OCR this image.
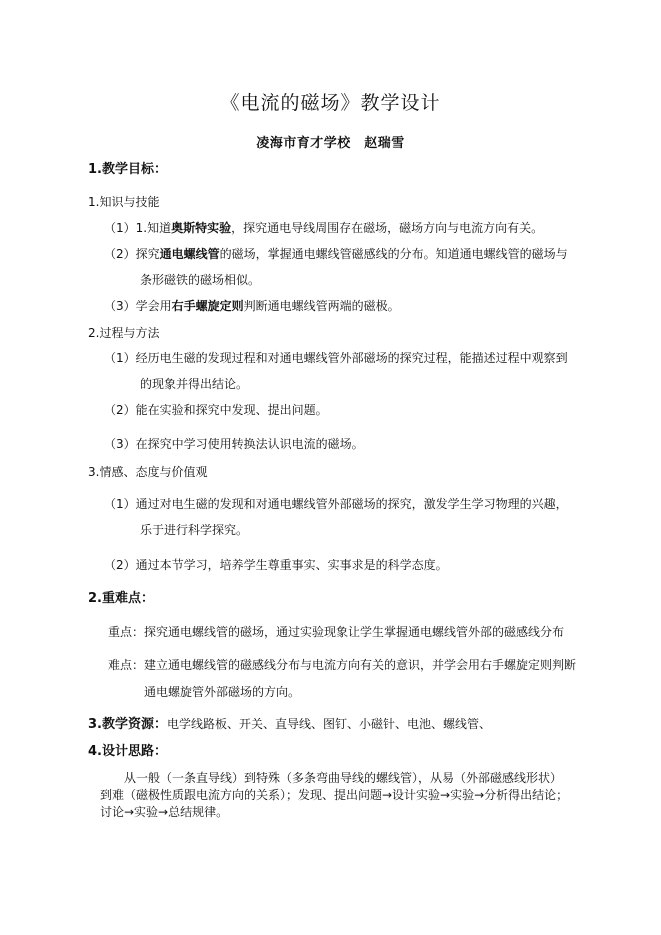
《电流的磁场》教学设计
凌海市育才学校　赵瑞雪
1.教学目标：
1.知识与技能
（1）1.知道奥斯特实验，探究通电导线周围存在磁场，磁场方向与电流方向有关。
（2）探究通电螺线管的磁场，掌握通电螺线管磁感线的分布。知道通电螺线管的磁场与
条形磁铁的磁场相似。
（3）学会用右手螺旋定则判断通电螺线管两端的磁极。
2.过程与方法
（1）经历电生磁的发现过程和对通电螺线管外部磁场的探究过程，能描述过程中观察到
的现象并得出结论。
（2）能在实验和探究中发现、提出问题。
（3）在探究中学习使用转换法认识电流的磁场。
3.情感、态度与价值观
（1）通过对电生磁的发现和对通电螺线管外部磁场的探究，激发学生学习物理的兴趣，
乐于进行科学探究。
（2）通过本节学习，培养学生尊重事实、实事求是的科学态度。
2.重难点：
重点：探究通电螺线管的磁场，通过实验现象让学生掌握通电螺线管外部的磁感线分布
难点：建立通电螺线管的磁感线分布与电流方向有关的意识，并学会用右手螺旋定则判断
通电螺旋管外部磁场的方向。
3.教学资源：电学线路板、开关、直导线、图钉、小磁针、电池、螺线管、
4.设计思路：
从一般（一条直导线）到特殊（多条弯曲导线的螺线管），从易（外部磁感线形状）
到难（磁极性质跟电流方向的关系）；发现、提出问题→设计实验→实验→分析得出结论；
讨论→实验→总结规律。
